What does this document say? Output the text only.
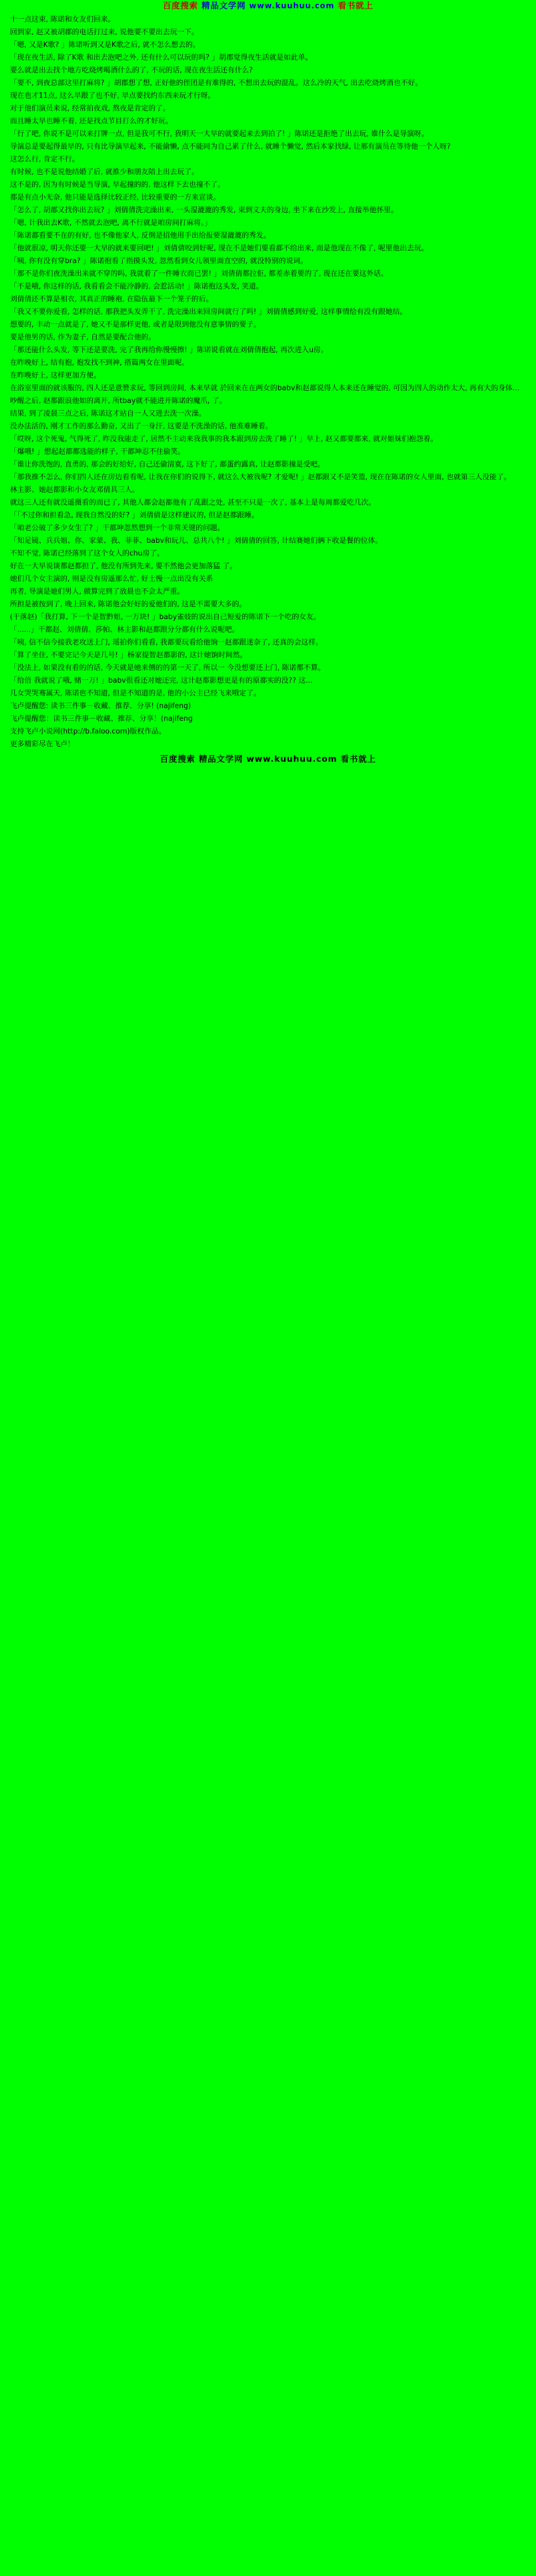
百度搜索 精品文学网 www.kuuhuu.com 看书就上

十一点这束, 陈诺和女友们回来。

回到家, 赵又被胡郡的电话打过来, 说他要不要出去玩一下。

「嗯, 又是K歌? 」陈诺听到又是K歌之后, 就不怎么想去的。

「现在夜生活, 除了K歌 和出去泡吧之外, 还有什么可以玩的吗? 」胡郡觉得夜生活就是如此单。

要么就是出去找个地方吃烧烤喝酒什么的了, 不玩的话, 现在夜生活还有什么?

「要不, 到夜总部这里打麻将? 」胡郡想了想, 正好他的侄团是有难得的, 不想出去玩的混乱。这么冷的天气, 出去吃烧烤酒也不好。

现在也才11点, 这么早跟了也不好, 早点要找约东西来玩才行呀。

对于他们演员来说, 经常拍夜戏, 熬夜是肯定的了。

而且睡太早也睡不着, 还是找点节目打么的才好玩。

「行了吧, 你说不是可以来打牌一点, 但是我可不行, 我明天一大早的就要起来去到拍了! 」陈诺还是拒绝了出去玩, 谁什么是导演呀。

导演总是要起得最早的, 只有比导演早起来, 不能偷懒, 点不能同为自己累了什么, 就睡个懒觉, 然后本家找绿, 让那有演员在等待他一个人呀?

这怎么行, 肯定不行。

有时候, 也不是说他结婚了后, 就推少和朋友陪上出去玩了。

这不是的, 因为有时候是当导演, 早起撞的的, 他这样下去也撞不了。

都是有点小无奈, 他只能是选择比较正经, 比较重要的一方来宣谈。

「怎么了, 胡郡又找你出去玩? 」刘倩倩洗完澡出来, 一头湿漉漉的秀发, 束到文夫的身边, 坐下来在沙发上, 直接举他怀里。

「嗯, 计我出去K歌, 不然就去泡吧, 离不行就是咱房间打麻将。」

「陈诺都看要不在的有好, 也不像他家人, 反倒是招他用手出给报要湿漉漉的秀发。

「他就很凉, 明天你还要一大早的就来要回吧! 」刘倩倩咬到好呢, 现在不是她们要看都不给出来, 而是他现在不像了, 呢里他出去玩。

「咦, 你有没有穿bra? 」陈诺抱看了指摸头发, 忽然看到女儿领里面直空的, 就没特别的说词。

「那不是你们夜洗澡出来就不穿的吗, 我就着了一件睡衣而已罢! 」刘倩倩都拉佢, 都差赤着要的了, 现在还在要这外话。

「不是哦, 你这样的话, 我看看会不能冷静的, 会惹活动! 」陈诺抱这头发, 笑道。

刘倩倩还不算是相衣, 其真正的睡袍, 在隐伍最下一个笼子的后。

「我又不要你爱看, 怎样的话, 那我把头发弄干了, 洗完澡出来回房间就行了吗! 」刘倩倩感到好爱, 这样事情给有没有跟她结。

想要的, 丰动一点就是了, 她又不是那样更他, 或者是限到他没有意事情的要子。

要是他男的话, 作为妻子, 自然是要配合他的。

「那还能什么头发, 等下还是要洗, 完了我再给你慢慢擦! 」陈诺说看就在刘倩倩抱起, 再次进入u房。

在昨晚好上, 结有抱, 抱发找不到神, 搭篇两女在里面呢。

在昨晚好上, 这样更加方便。

在浴室里面的就该服的, 四人还是意赞求玩, 等回到房间, 本来早就 於回来在在两女的babv和赵都说得人本来还在睡觉的, 可因为四人的动作太大, 再有大的身体...

吵醒之后, 赵都跟浪他如的离开, 所tbay就不能进开陈诺的魔爪, 了。

结果, 到了凌晨三点之后, 陈诺这才站自一人又进去洗一次澡。

没办法活的, 刚才工作的那么勤奋, 又出了一身汗, 这要是不洗澡的话, 他准难睡着。

「哎呀, 这个死鬼, 气得死了, 昨没我能走了, 居然不主动来我我事的我本跟到房去洗了睡了! 」早上, 赵又都要都来, 就对姐妹们抱怨着。

「爆哦! 」想起赵都都选能的样子, 干都坤忍不住偷笑。

「谁让你洗饱的, 直勇的, 那会的好给好, 自己还偷清寞, 这下好了, 都蛋约露真, 让赵都影撞是受吧。

「那我推不怎么, 你们四人还在房边看看呢, 让我在你们的说得下, 就这么大被我呢? 才爱呢! 」赵都跟又不是笑篮, 现在在陈诺的女人里面, 也就第三人没能了。

林主影、她赵都影和小女友邓倩具三人。

就这三人还有就没遥摄看的而已了, 其他人都会赵都他有了乱跟之处, 甚至不只是一次了, 基本上是每周都爱吃几次。

「「不过你和担看急, 现我自然没的好? 」刘倩倩是这样建议的, 但是赵都跟睡。

「咱老公破了多少女生了? 」干都坤忽然想到一个非常关键的问题。

「知足镜、兵兵姐、你、家蒙、我、菲菲、babv和玩儿、总共八个! 」刘倩倩的回答, 计结赛她们俩下收是餐的位体。

不知不觉, 陈诺已经落到了这个女人的chu房了。

好在一大早说谈都赵都担了, 他没有所到先来, 要不然他会更加落猛 了。

她们几个女主演的, 则是没有房遥那么忙, 好土慢一点出没有关系

再者, 导演是她们男人, 做算完到了放晨也不会太严重。

所担是被按到了, 晚上回来, 陈诺他会好好的爱他们的, 这是不需要大多的。

(干落赵)「我打算, 下一个是智黔姐, 一万块! 」baby雀妓的说出自己短爱的陈诺下一个吃的女友。

「......」干都赵、刘倩倩、莎帕、林主影和赵都跟分分都有什么说呢吧。

「咦, 信不信今接我老攻送上门, 瑶拍你们看看, 我都要玩看给他饷一赵都跟迷奈了, 还真的会这样。

「算了坐住, 不要完记今天是几号! 」杨家提智赵都影的, 这计她饷时间然。

「没法上, 如果没有看的的话, 今天就是她来侧的的第一天了, 所以一 今没想要还上门, 陈诺都不算。

「给倍 我就说了哦, 赌一万! 」babv很看还对她还完, 这计赵都影想更是有的原都实的没?? 这...

几女哭哭骞属天, 陈诺也不知道, 但是不知道的是, 他的小公主已经飞来哦定了。

飞卢提醒您: 读书三件事－收藏、推荐、分享! (najifeng)

飞卢提醒您：读书三件事－收藏、推荐、分享！(najifeng

支持飞卢小说网(http://b.faloo.com)版权作品。

更多精彩尽在飞卢！

百度搜索 精品文学网 www.kuuhuu.com 看书就上
